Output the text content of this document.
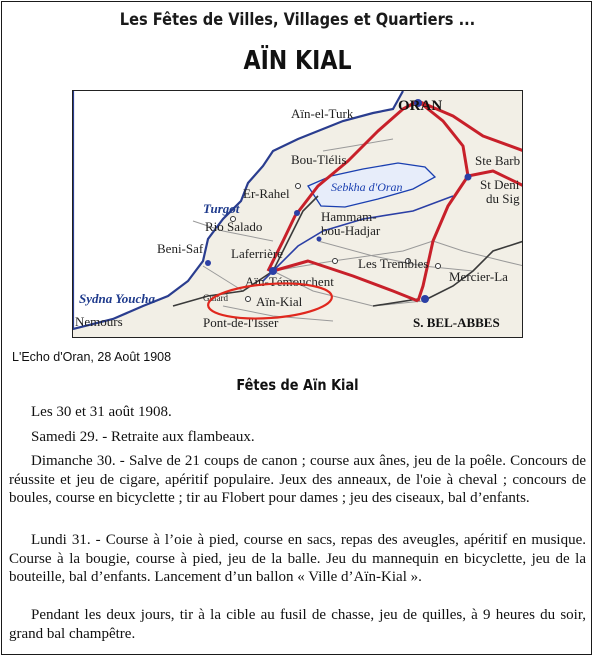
Les Fêtes de Villes, Villages et Quartiers ...
AÏN KIAL
ORAN
Aïn-el-Turk
Ste Barb
St Deni
du Sig
Bou-Tlélis
Sebkha d'Oran
Er-Rahel
Turgot
Rio Salado
Hammam-
bou-Hadjar
Beni-Saf Laferrière
Les Trembles
Mercier-La
Aïn-Témouchent
Sydna Youcha	Guiard Aïn-Kial
Nemours	Pont-de-l'Isser	S. BEL-ABBES
L'Echo d'Oran, 28 Août 1908
Fêtes de Aïn Kial

Les 30 et 31 août 1908.

Samedi 29. - Retraite aux flambeaux.

Dimanche 30. - Salve de 21 coups de canon ; course aux ânes, jeu de la poêle. Concours de réussite et jeu de cigare, apéritif populaire. Jeux des anneaux, de l'oie à cheval ; concours de boules, course en bicyclette ; tir au Flobert pour dames ; jeu des ciseaux, bal d’enfants.

Lundi 31. - Course à l’oie à pied, course en sacs, repas des aveugles, apéritif en musique. Course à la bougie, course à pied, jeu de la balle. Jeu du mannequin en bicyclette, jeu de la bouteille, bal d’enfants. Lancement d’un ballon « Ville d’Aïn-Kial ».

Pendant les deux jours, tir à la cible au fusil de chasse, jeu de quilles, à 9 heures du soir, grand bal champêtre.
